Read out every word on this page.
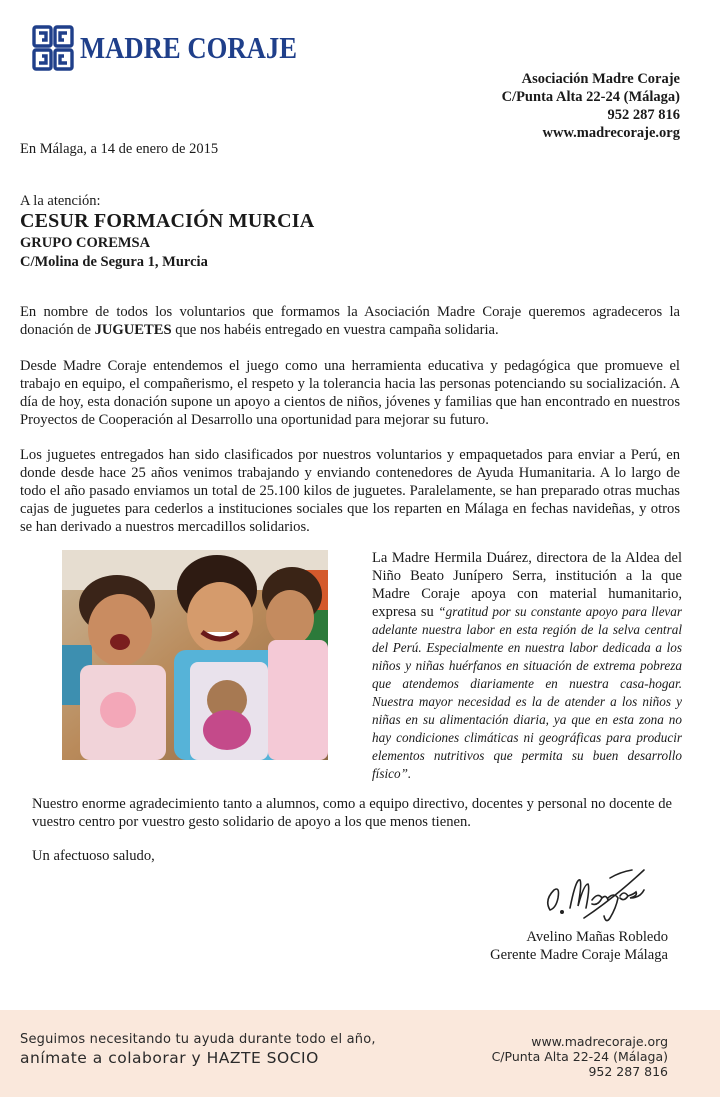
MADRE CORAJE
Asociación Madre Coraje
C/Punta Alta 22-24 (Málaga)
952 287 816
www.madrecoraje.org
En Málaga, a 14 de enero de 2015
A la atención:
CESUR FORMACIÓN MURCIA
GRUPO COREMSA
C/Molina de Segura 1, Murcia

En nombre de todos los voluntarios que formamos la Asociación Madre Coraje queremos agradeceros la donación de JUGUETES que nos habéis entregado en vuestra campaña solidaria.

Desde Madre Coraje entendemos el juego como una herramienta educativa y pedagógica que promueve el trabajo en equipo, el compañerismo, el respeto y la tolerancia hacia las personas potenciando su socialización. A día de hoy, esta donación supone un apoyo a cientos de niños, jóvenes y familias que han encontrado en nuestros Proyectos de Cooperación al Desarrollo una oportunidad para mejorar su futuro.

Los juguetes entregados han sido clasificados por nuestros voluntarios y empaquetados para enviar a Perú, en donde desde hace 25 años venimos trabajando y enviando contenedores de Ayuda Humanitaria. A lo largo de todo el año pasado enviamos un total de 25.100 kilos de juguetes. Paralelamente, se han preparado otras muchas cajas de juguetes para cederlos a instituciones sociales que los reparten en Málaga en fechas navideñas, y otros se han derivado a nuestros mercadillos solidarios.

La Madre Hermila Duárez, directora de la Aldea del Niño Beato Junípero Serra, institución a la que Madre Coraje apoya con material humanitario, expresa su “gratitud por su constante apoyo para llevar adelante nuestra labor en esta región de la selva central del Perú. Especialmente en nuestra labor dedicada a los niños y niñas huérfanos en situación de extrema pobreza que atendemos diariamente en nuestra casa-hogar. Nuestra mayor necesidad es la de atender a los niños y niñas en su alimentación diaria, ya que en esta zona no hay condiciones climáticas ni geográficas para producir elementos nutritivos que permita su buen desarrollo físico”.

Nuestro enorme agradecimiento tanto a alumnos, como a equipo directivo, docentes y personal no docente de vuestro centro por vuestro gesto solidario de apoyo a los que menos tienen.

Un afectuoso saludo,
Avelino Mañas Robledo
Gerente Madre Coraje Málaga
Seguimos necesitando tu ayuda durante todo el año,
anímate a colaborar y HAZTE SOCIO
www.madrecoraje.org
C/Punta Alta 22-24 (Málaga)
952 287 816
